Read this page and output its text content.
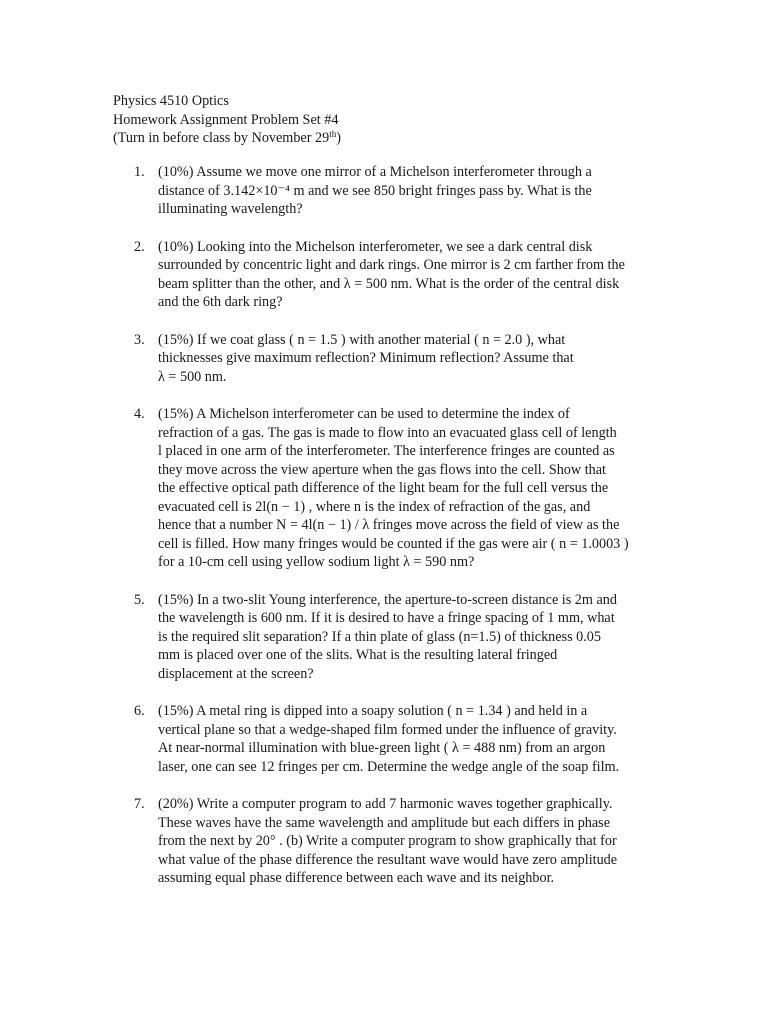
Physics 4510 Optics
Homework Assignment Problem Set #4
(Turn in before class by November 29th)
1. (10%) Assume we move one mirror of a Michelson interferometer through a
distance of 3.142×10⁻⁴ m and we see 850 bright fringes pass by. What is the
illuminating wavelength?
2. (10%) Looking into the Michelson interferometer, we see a dark central disk
surrounded by concentric light and dark rings. One mirror is 2 cm farther from the
beam splitter than the other, and λ = 500 nm. What is the order of the central disk
and the 6th dark ring?
3. (15%) If we coat glass ( n = 1.5 ) with another material ( n = 2.0 ), what
thicknesses give maximum reflection? Minimum reflection? Assume that
λ = 500 nm.
4. (15%) A Michelson interferometer can be used to determine the index of
refraction of a gas. The gas is made to flow into an evacuated glass cell of length
l placed in one arm of the interferometer. The interference fringes are counted as
they move across the view aperture when the gas flows into the cell. Show that
the effective optical path difference of the light beam for the full cell versus the
evacuated cell is 2l(n − 1) , where n is the index of refraction of the gas, and
hence that a number N = 4l(n − 1) / λ fringes move across the field of view as the
cell is filled. How many fringes would be counted if the gas were air ( n = 1.0003 )
for a 10-cm cell using yellow sodium light λ = 590 nm?
5. (15%) In a two-slit Young interference, the aperture-to-screen distance is 2m and
the wavelength is 600 nm. If it is desired to have a fringe spacing of 1 mm, what
is the required slit separation? If a thin plate of glass (n=1.5) of thickness 0.05
mm is placed over one of the slits. What is the resulting lateral fringed
displacement at the screen?
6. (15%) A metal ring is dipped into a soapy solution ( n = 1.34 ) and held in a
vertical plane so that a wedge-shaped film formed under the influence of gravity.
At near-normal illumination with blue-green light ( λ = 488 nm) from an argon
laser, one can see 12 fringes per cm. Determine the wedge angle of the soap film.
7. (20%) Write a computer program to add 7 harmonic waves together graphically.
These waves have the same wavelength and amplitude but each differs in phase
from the next by 20° . (b) Write a computer program to show graphically that for
what value of the phase difference the resultant wave would have zero amplitude
assuming equal phase difference between each wave and its neighbor.
